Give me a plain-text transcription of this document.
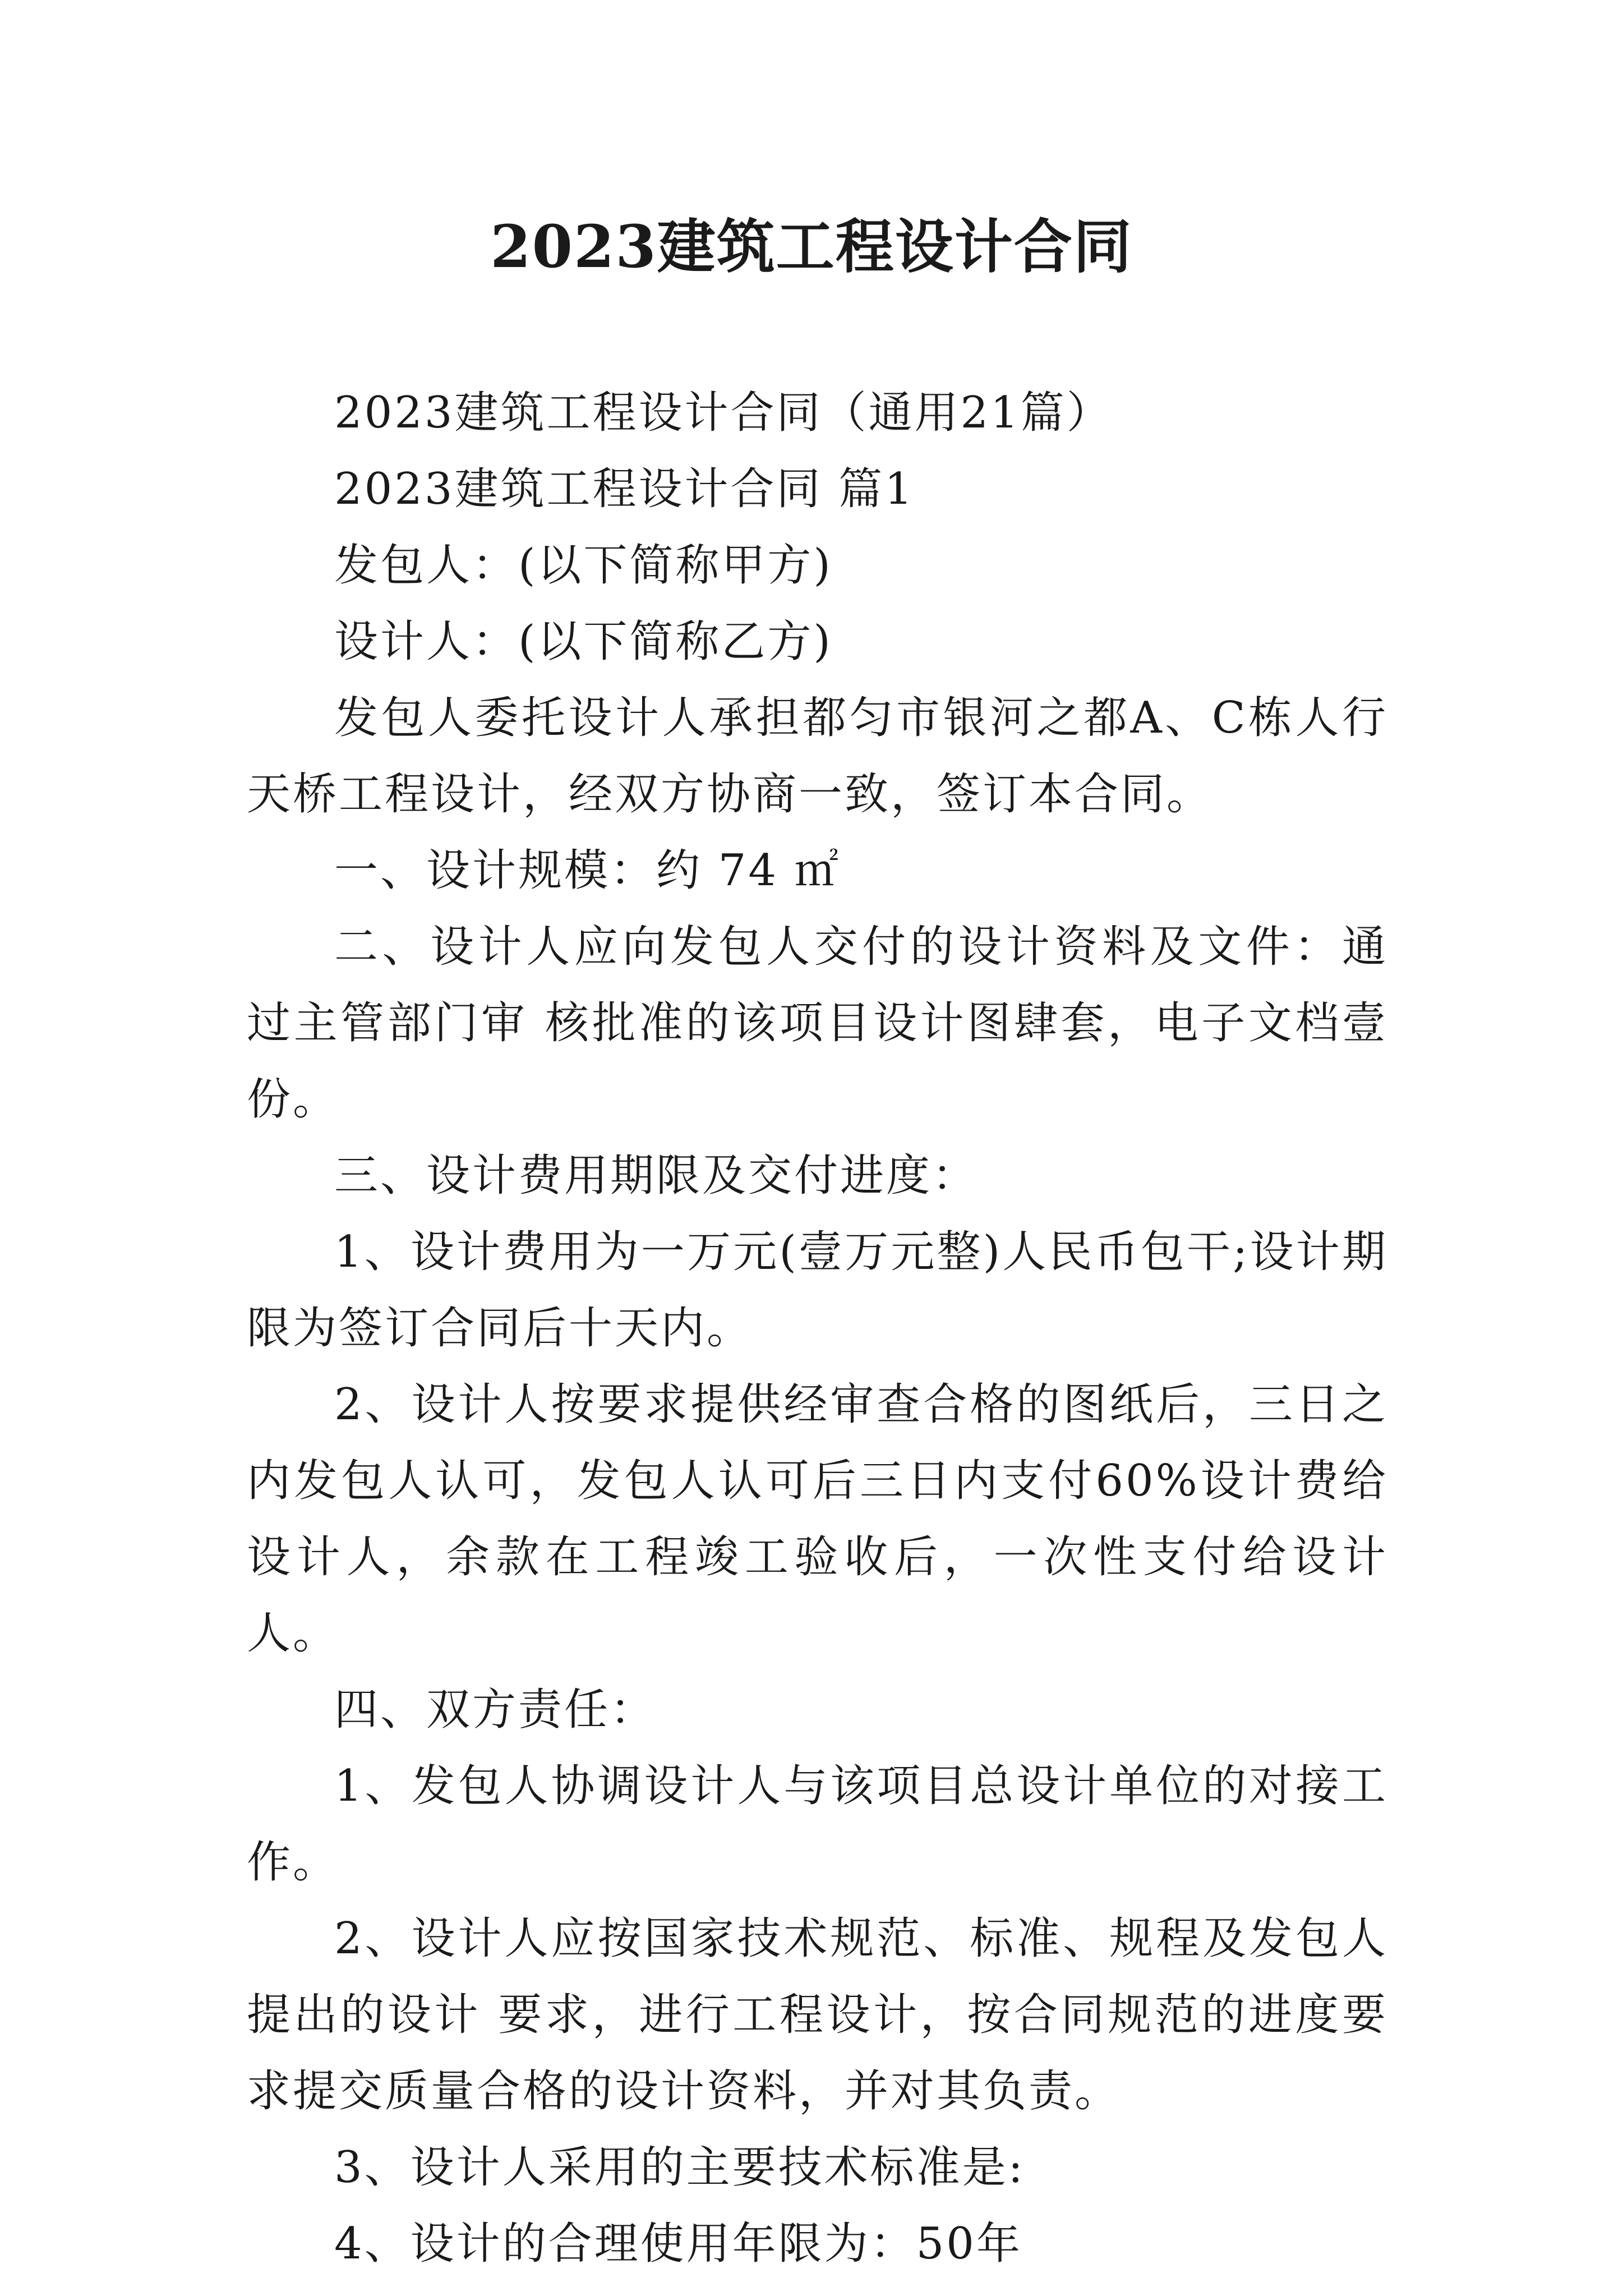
2023建筑工程设计合同

2023建筑工程设计合同（通用21篇）

2023建筑工程设计合同 篇1

发包人：(以下简称甲方)

设计人：(以下简称乙方)

发包人委托设计人承担都匀市银河之都A、C栋人行天桥工程设计，经双方协商一致，签订本合同。

一、设计规模：约 74 ㎡

二、设计人应向发包人交付的设计资料及文件：通过主管部门审 核批准的该项目设计图肆套，电子文档壹份。

三、设计费用期限及交付进度：

1、设计费用为一万元(壹万元整)人民币包干;设计期限为签订合同后十天内。

2、设计人按要求提供经审查合格的图纸后，三日之内发包人认可，发包人认可后三日内支付60%设计费给设计人，余款在工程竣工验收后，一次性支付给设计人。

四、双方责任：

1、发包人协调设计人与该项目总设计单位的对接工作。

2、设计人应按国家技术规范、标准、规程及发包人提出的设计 要求，进行工程设计，按合同规范的进度要求提交质量合格的设计资料，并对其负责。

3、设计人采用的主要技术标准是:

4、设计的合理使用年限为：50年
